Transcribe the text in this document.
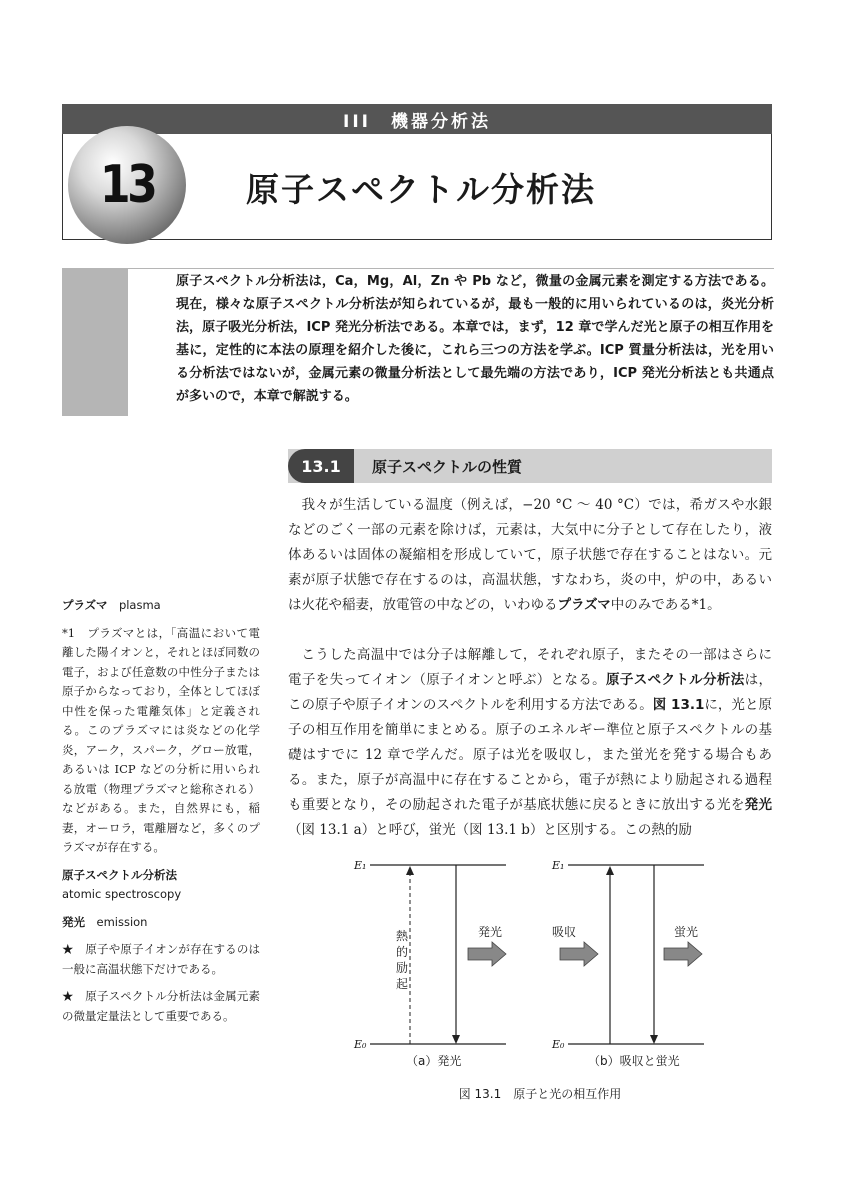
III　機器分析法
13	原子スペクトル分析法

原子スペクトル分析法は，Ca，Mg，Al，Zn や Pb など，微量の金属元素を測定する方法である。現在，様々な原子スペクトル分析法が知られているが，最も一般的に用いられているのは，炎光分析法，原子吸光分析法，ICP 発光分析法である。本章では，まず，12 章で学んだ光と原子の相互作用を基に，定性的に本法の原理を紹介した後に，これら三つの方法を学ぶ。ICP 質量分析法は，光を用いる分析法ではないが，金属元素の微量分析法として最先端の方法であり，ICP 発光分析法とも共通点が多いので，本章で解説する。

13.1	原子スペクトルの性質

我々が生活している温度（例えば，−20 °C 〜 40 °C）では，希ガスや水銀などのごく一部の元素を除けば，元素は，大気中に分子として存在したり，液体あるいは固体の凝縮相を形成していて，原子状態で存在することはない。元素が原子状態で存在するのは，高温状態，すなわち，炎の中，炉の中，あるいは火花や稲妻，放電管の中などの，いわゆるプラズマ中のみである*1。

こうした高温中では分子は解離して，それぞれ原子，またその一部はさらに電子を失ってイオン（原子イオンと呼ぶ）となる。原子スペクトル分析法は，この原子や原子イオンのスペクトルを利用する方法である。図 13.1に，光と原子の相互作用を簡単にまとめる。原子のエネルギー準位と原子スペクトルの基礎はすでに 12 章で学んだ。原子は光を吸収し，また蛍光を発する場合もある。また，原子が高温中に存在することから，電子が熱により励起される過程も重要となり，その励起された電子が基底状態に戻るときに放出する光を発光（図 13.1 a）と呼び，蛍光（図 13.1 b）と区別する。この熱的励

プラズマ　 plasma

*1　プラズマとは，「高温において電離した陽イオンと，それとほぼ同数の電子，および任意数の中性分子または原子からなっており，全体としてほぼ中性を保った電離気体」と定義される。このプラズマには炎などの化学炎，アーク，スパーク，グロー放電，あるいは ICP などの分析に用いられる放電（物理プラズマと総称される）などがある。また，自然界にも，稲妻，オーロラ，電離層など，多くのプラズマが存在する。

原子スペクトル分析法

atomic spectroscopy

発光　 emission

★　原子や原子イオンが存在するのは一般に高温状態下だけである。

★　原子スペクトル分析法は金属元素の微量定量法として重要である。

E₁
E₀
熱
的
励
起
発光
（a）発光
E₁
E₀
吸収	蛍光
（b）吸収と蛍光
図 13.1　原子と光の相互作用
